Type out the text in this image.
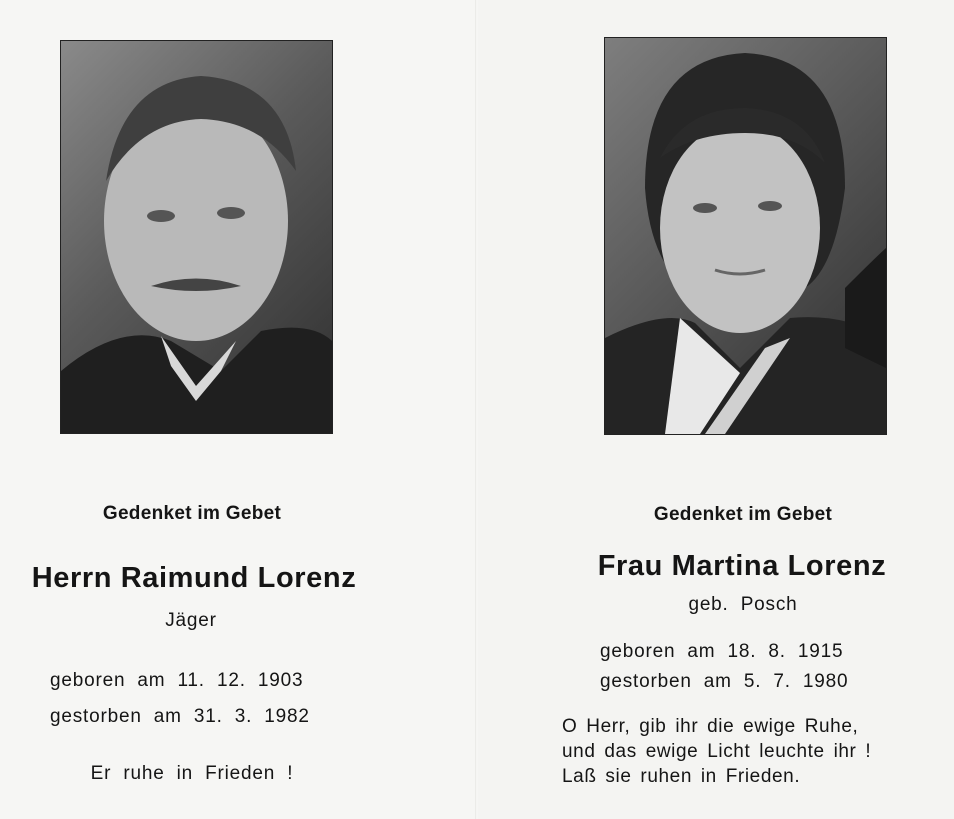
Gedenket im Gebet
Herrn Raimund Lorenz
Jäger
geboren am 11. 12. 1903
gestorben am 31. 3. 1982
Er ruhe in Frieden !
Gedenket im Gebet
Frau Martina Lorenz
geb. Posch
geboren am 18. 8. 1915
gestorben am 5. 7. 1980
O Herr, gib ihr die ewige Ruhe,
und das ewige Licht leuchte ihr !
Laß sie ruhen in Frieden.
